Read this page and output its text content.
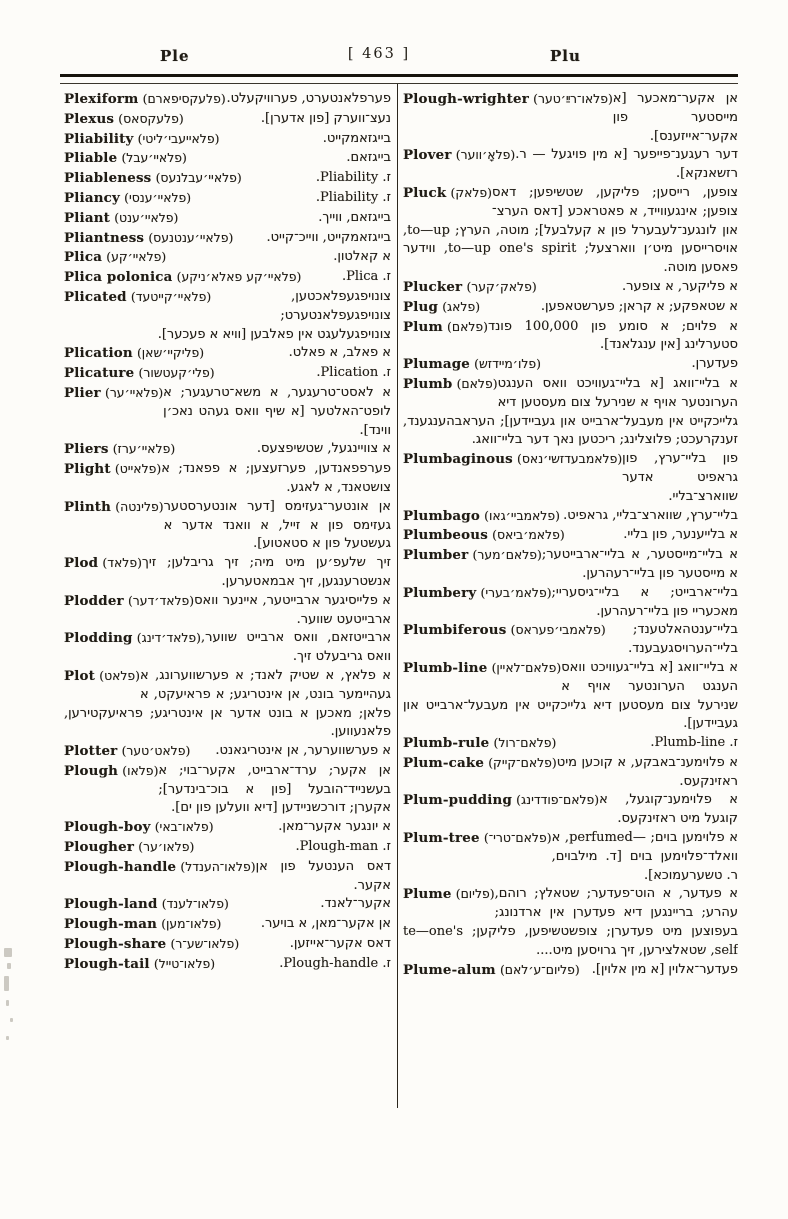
Ple	[ 463 ]	Plu
Plexiform (פלעקסיפארם) פערפלאנטערט, פערוויקעלט.
Plexus (פלעקסאס)	נעצ־ווערק [פון אדערן].
Pliability (פלאייעבי׳ליטי)	בייגזאמקייט.
Pliable (פלאיי׳עבל)	בייגזאם.
Pliableness (פלאיי׳עבלנעס)	ז. Pliability.
Pliancy (פלאיי׳ענסי)	ז. Pliability.
Pliant (פלאיי׳ענט)	בייגזאם, ווייך.
Pliantness (פלאיי׳ענטנעס)	בייגזאמקייט, ווייכ־קייט.
Plica (פלאיי׳קע)	א קאלטון.
Plica polonica (פלאיי׳קע פאלא׳ניקע)	ז. Plica.
Plicated (פלאיי׳קייטעד)	צונויפגעפלאכטען, צונויפגעפלאנטערט; צונויפגעלעגט אין פאלבען [וויא א פעכער].
Plication (פליקיי׳שאן)	א פאלב, א פאלט.
Plicature (פלי׳קעטשור)	ז. Plication.
Plier (פלאיי׳ער) א לאסט־טרעגער, א משא־טרעגער; א לופט־האלטער [א שיף וואס געהט נאכ׳ן ווינד].
Pliers (פלאיי׳ערז)	א צוויינגעל, שטשיפצעס.
Plight (פלאייט) פערפפאנדען, פערזעצען; א פפאנד; א צושטאנד, א לאגע.
Plinth (פלינטה) אן אונטער־געזימס [דער אונטערסטער געזימס פון א זייל, א וואנד אדער א געשטעל פון א סטאטוע].
Plod (פלאד) זיך שלעפ׳ען מיט מיה; זיך גריבלען; זיך אנשטרענגען, זיך אבמאטערען.
Plodder (פלאד׳דער) א פלייסיגער ארבייטער, איינער וואס ארבייטעט שווער.
Plodding (פלאד׳דינג) ארבייטזאם, וואס ארבייט שווער, וואס גריבעלט זיך.
Plot (פלאט) א פלאץ, א שטיק לאנד; א פערשווערונג, א געהיימער בונט, אן אינטריגע; א פראיעקט, א פלאן; מאכען א בונט אדער אן אינטריגע; פראיעקטירען, פלאנעווען.
Plotter (פלאט׳טער) א פערשווערער, אן אינטריגאנט.
Plough (פלאו) אן אקער; ערד־ארבייט, אקער־בוי; א בעשנייד־הובעל [פון א בוכ־בינדער]; אקערן; דורכשניידען [דיא וועלען פון ים].
Plough-boy (פלאו־באי)	א יונגער אקער־מאן.
Plougher (פלאו׳ער)	ז. Plough-man.
Plough-handle (פלאו־הענדל) דאס הענטעל פון אן אקער.
Plough-land (פלאו־לענד)	אקער־לאנד.
Plough-man (פלאו־מען)	אן אקער־מאן, א בויער.
Plough-share (פלאו־שע־ר)	דאס אקער־אייזען.
Plough-tail (פלאו־טייל)	ז. Plough-handle.
Plough-wrighter (פלאו־רײַ׳טער) אן אקער־מאכער [א מייסטער פון אקער־אייזענס].
Plover (פלאָ׳ווער) דער רעגענ־פייפער [א מין פויגעל — ר. רזשאנקא].
Pluck (פלאק) צופען, רייסען; פליקען, שטשיפען; דאס צופען; אינגעווייד, א פאטראכע [דאס הערצ־ און לונגענ־לעבערל פון א קעלבעל]; מוטה, הערץ; to—up, אויסרייסען מיט׳ן ווארצעל; to—up one's spirit, ווידער פאסען מוטה.
Plucker (פלאק׳קער)	א פליקער, א צופער.
Plug (פלאג)	א שטאפקע; א קראן; פערשטאפען.
Plum (פלאם) א פלוים; א סומע פון 100,000 פונד סטערלינג [אין ענגלאנד].
Plumage (פלו׳מיידזש)	פעדערן.
Plumb (פלאם) א בליי־וואג [א בליי־געוויכט וואס הענגט הערונטער אויף א שנירעל צום מעסטען דיא גלייכקייט אין מעבעל־ארבייט און געביידען]; העראבהענגענד, זענקרעכט; פלוצלינג; ריכטען נאך דער בליי־וואג.
Plumbaginous (פלאמבעדזשי׳נאס) פון בליי־ערץ, פון גראפיט אדער שווארצ־בליי.
Plumbago (פלאמביי׳גאו) בליי־ערץ, שווארצ־בליי, גראפיט.
Plumbeous (פלאמ׳ביאס)	א בלייענער, פון בליי.
Plumber (פלאם׳מער) א בליי־מייסטער, א בליי־ארבייטער; א מייסטער פון בליי־רעהרען.
Plumbery (פלאמ׳בערי) בליי־ארבייט; א בליי־גיסעריי; מאכעריי פון בליי־רעהרען.
Plumbiferous (פלאמבי׳פעראס) בליי־ענטהאלטענד; בליי־הערויסגעבענד.
Plumb-line (פלאם־לאיין) א בליי־וואג [א בליי־געוויכט וואס הענגט הערונטער אויף א שנירעל צום מעסטען דיא גלייכקייט אין מעבעל־ארבייט און געביידען].
Plumb-rule (פלאם־רול)	ז. Plumb-line.
Plum-cake (פלאם־קייק) א פלוימענ־באבקע, א קוכען מיט ראזינקעס.
Plum-pudding (פלאם־פודדינג) א פלוימענ־קוגעל, א קוגעל מיט ראזינקעס.
Plum-tree (פלאם־טרי־) א פלוימען בוים; —perfumed, א וואלד־פלוימען בוים [ד. מילבוים, ר. טשערעמוכא].
Plume (פליום) א פעדער, א הוט־פעדער; שטאלץ; רוהם, עהרע; בריינגען דיא פעדערן אין ארדנונג; בעפוצען מיט פעדערן; צופשטשיפען, פליקען; te—one's self, שטאלצירען, זיך גרויסען מיט....
Plume-alum (פליום־ע׳לאם) פעדער־אלוין [א מין אלוין].
